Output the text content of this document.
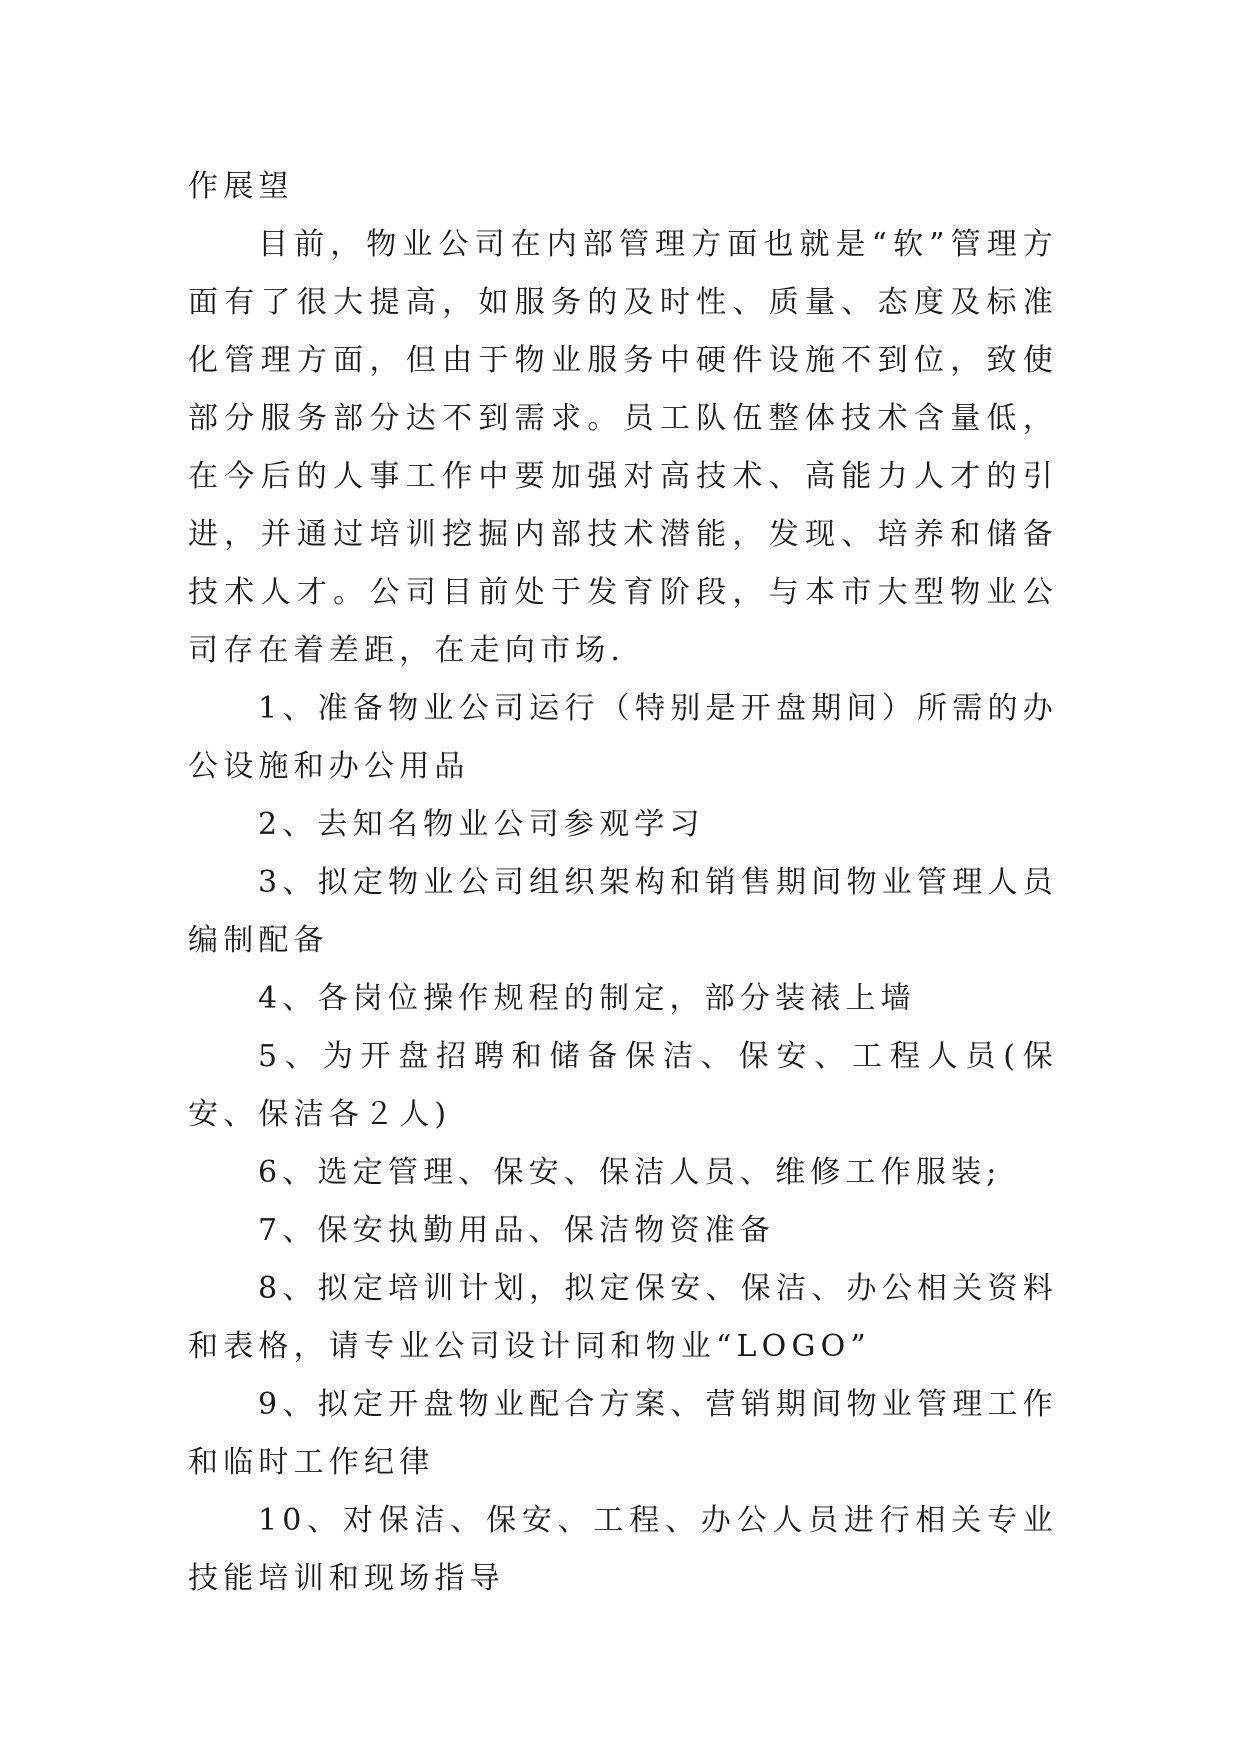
作展望

目前，物业公司在内部管理方面也就是“软”管理方面有了很大提高，如服务的及时性、质量、态度及标准化管理方面，但由于物业服务中硬件设施不到位，致使部分服务部分达不到需求。员工队伍整体技术含量低，在今后的人事工作中要加强对高技术、高能力人才的引进，并通过培训挖掘内部技术潜能，发现、培养和储备技术人才。公司目前处于发育阶段，与本市大型物业公司存在着差距，在走向市场.

1、准备物业公司运行（特别是开盘期间）所需的办公设施和办公用品

2、去知名物业公司参观学习

3、拟定物业公司组织架构和销售期间物业管理人员编制配备

4、各岗位操作规程的制定，部分装裱上墙

5、为开盘招聘和储备保洁、保安、工程人员(保安、保洁各２人)

6、选定管理、保安、保洁人员、维修工作服装;

7、保安执勤用品、保洁物资准备

8、拟定培训计划，拟定保安、保洁、办公相关资料和表格，请专业公司设计同和物业“LOGO”

9、拟定开盘物业配合方案、营销期间物业管理工作和临时工作纪律

10、对保洁、保安、工程、办公人员进行相关专业技能培训和现场指导
